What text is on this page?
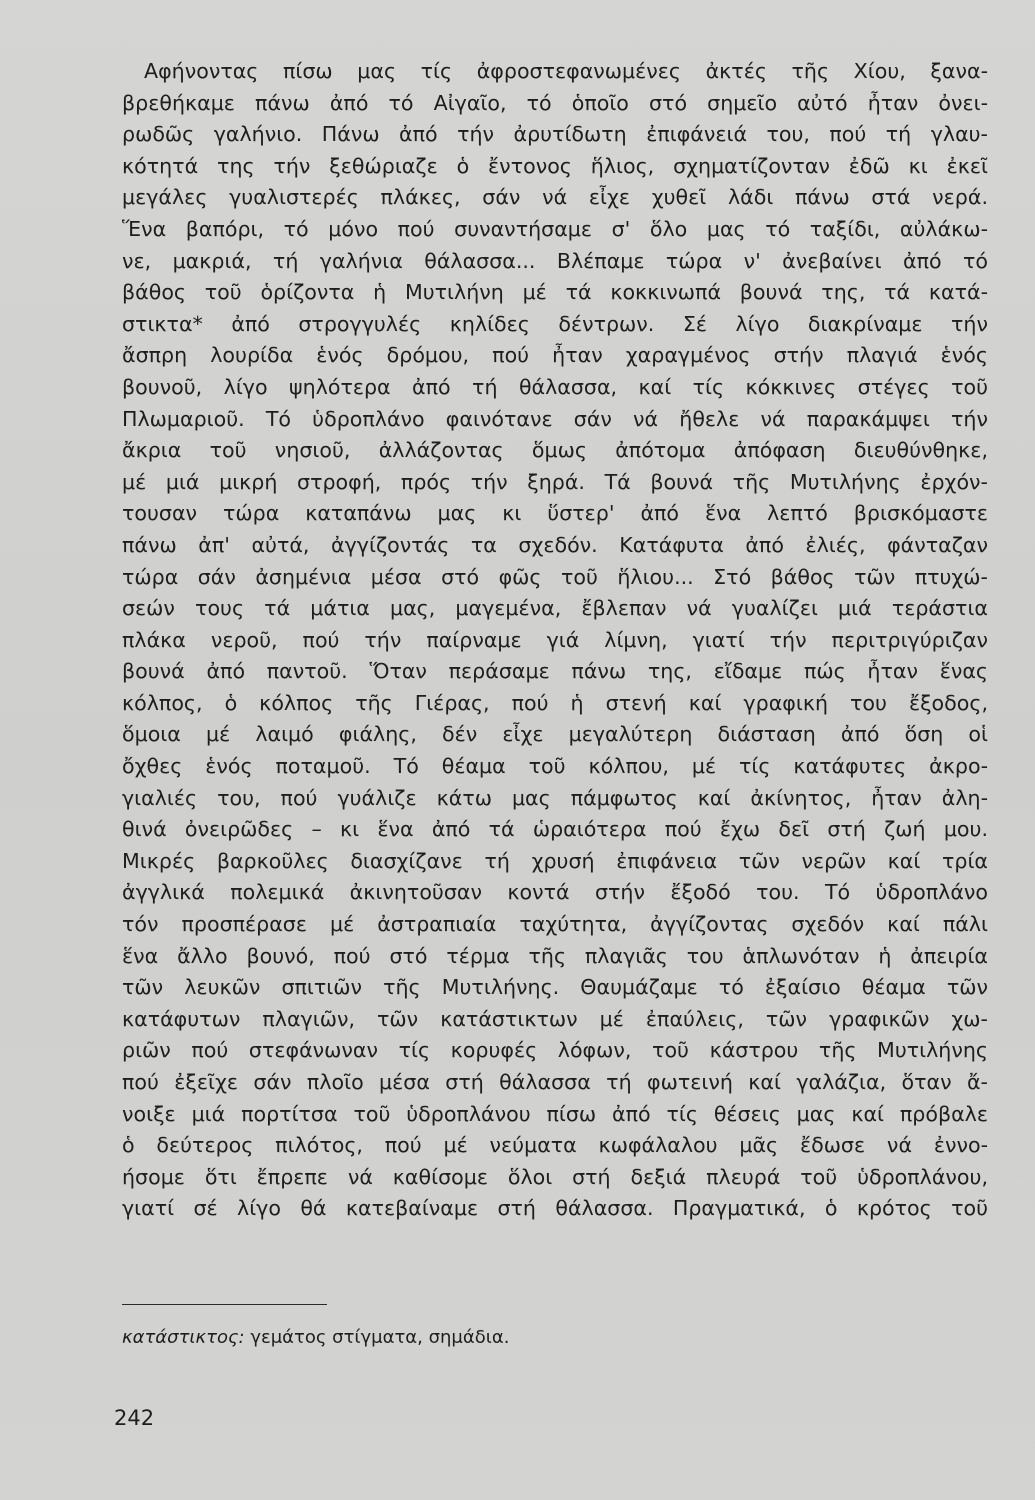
Αφήνοντας πίσω μας τίς ἀφροστεφανωμένες ἀκτές τῆς Χίου, ξανα-
βρεθήκαμε πάνω ἀπό τό Αἰγαῖο, τό ὁποῖο στό σημεῖο αὐτό ἦταν ὀνει-
ρωδῶς γαλήνιο. Πάνω ἀπό τήν ἀρυτίδωτη ἐπιφάνειά του, πού τή γλαυ-
κότητά της τήν ξεθώριαζε ὁ ἔντονος ἥλιος, σχηματίζονταν ἐδῶ κι ἐκεῖ
μεγάλες γυαλιστερές πλάκες, σάν νά εἶχε χυθεῖ λάδι πάνω στά νερά.
Ἕνα βαπόρι, τό μόνο πού συναντήσαμε σ' ὅλο μας τό ταξίδι, αὐλάκω-
νε, μακριά, τή γαλήνια θάλασσα... Βλέπαμε τώρα ν' ἀνεβαίνει ἀπό τό
βάθος τοῦ ὁρίζοντα ἡ Μυτιλήνη μέ τά κοκκινωπά βουνά της, τά κατά-
στικτα* ἀπό στρογγυλές κηλίδες δέντρων. Σέ λίγο διακρίναμε τήν
ἄσπρη λουρίδα ἑνός δρόμου, πού ἦταν χαραγμένος στήν πλαγιά ἑνός
βουνοῦ, λίγο ψηλότερα ἀπό τή θάλασσα, καί τίς κόκκινες στέγες τοῦ
Πλωμαριοῦ. Τό ὑδροπλάνο φαινότανε σάν νά ἤθελε νά παρακάμψει τήν
ἄκρια τοῦ νησιοῦ, ἀλλάζοντας ὅμως ἀπότομα ἀπόφαση διευθύνθηκε,
μέ μιά μικρή στροφή, πρός τήν ξηρά. Τά βουνά τῆς Μυτιλήνης ἐρχόν-
τουσαν τώρα καταπάνω μας κι ὕστερ' ἀπό ἕνα λεπτό βρισκόμαστε
πάνω ἀπ' αὐτά, ἀγγίζοντάς τα σχεδόν. Κατάφυτα ἀπό ἐλιές, φάνταζαν
τώρα σάν ἀσημένια μέσα στό φῶς τοῦ ἥλιου... Στό βάθος τῶν πτυχώ-
σεών τους τά μάτια μας, μαγεμένα, ἔβλεπαν νά γυαλίζει μιά τεράστια
πλάκα νεροῦ, πού τήν παίρναμε γιά λίμνη, γιατί τήν περιτριγύριζαν
βουνά ἀπό παντοῦ. Ὅταν περάσαμε πάνω της, εἴδαμε πώς ἦταν ἕνας
κόλπος, ὁ κόλπος τῆς Γιέρας, πού ἡ στενή καί γραφική του ἔξοδος,
ὅμοια μέ λαιμό φιάλης, δέν εἶχε μεγαλύτερη διάσταση ἀπό ὅση οἱ
ὄχθες ἑνός ποταμοῦ. Τό θέαμα τοῦ κόλπου, μέ τίς κατάφυτες ἀκρο-
γιαλιές του, πού γυάλιζε κάτω μας πάμφωτος καί ἀκίνητος, ἦταν ἀλη-
θινά ὀνειρῶδες – κι ἕνα ἀπό τά ὡραιότερα πού ἔχω δεῖ στή ζωή μου.
Μικρές βαρκοῦλες διασχίζανε τή χρυσή ἐπιφάνεια τῶν νερῶν καί τρία
ἀγγλικά πολεμικά ἀκινητοῦσαν κοντά στήν ἔξοδό του. Τό ὑδροπλάνο
τόν προσπέρασε μέ ἀστραπιαία ταχύτητα, ἀγγίζοντας σχεδόν καί πάλι
ἕνα ἄλλο βουνό, πού στό τέρμα τῆς πλαγιᾶς του ἁπλωνόταν ἡ ἀπειρία
τῶν λευκῶν σπιτιῶν τῆς Μυτιλήνης. Θαυμάζαμε τό ἐξαίσιο θέαμα τῶν
κατάφυτων πλαγιῶν, τῶν κατάστικτων μέ ἐπαύλεις, τῶν γραφικῶν χω-
ριῶν πού στεφάνωναν τίς κορυφές λόφων, τοῦ κάστρου τῆς Μυτιλήνης
πού ἐξεῖχε σάν πλοῖο μέσα στή θάλασσα τή φωτεινή καί γαλάζια, ὅταν ἄ-
νοιξε μιά πορτίτσα τοῦ ὑδροπλάνου πίσω ἀπό τίς θέσεις μας καί πρόβαλε
ὁ δεύτερος πιλότος, πού μέ νεύματα κωφάλαλου μᾶς ἔδωσε νά ἐννο-
ήσομε ὅτι ἔπρεπε νά καθίσομε ὅλοι στή δεξιά πλευρά τοῦ ὑδροπλάνου,
γιατί σέ λίγο θά κατεβαίναμε στή θάλασσα. Πραγματικά, ὁ κρότος τοῦ
κατάστικτος: γεμάτος στίγματα, σημάδια.
242
